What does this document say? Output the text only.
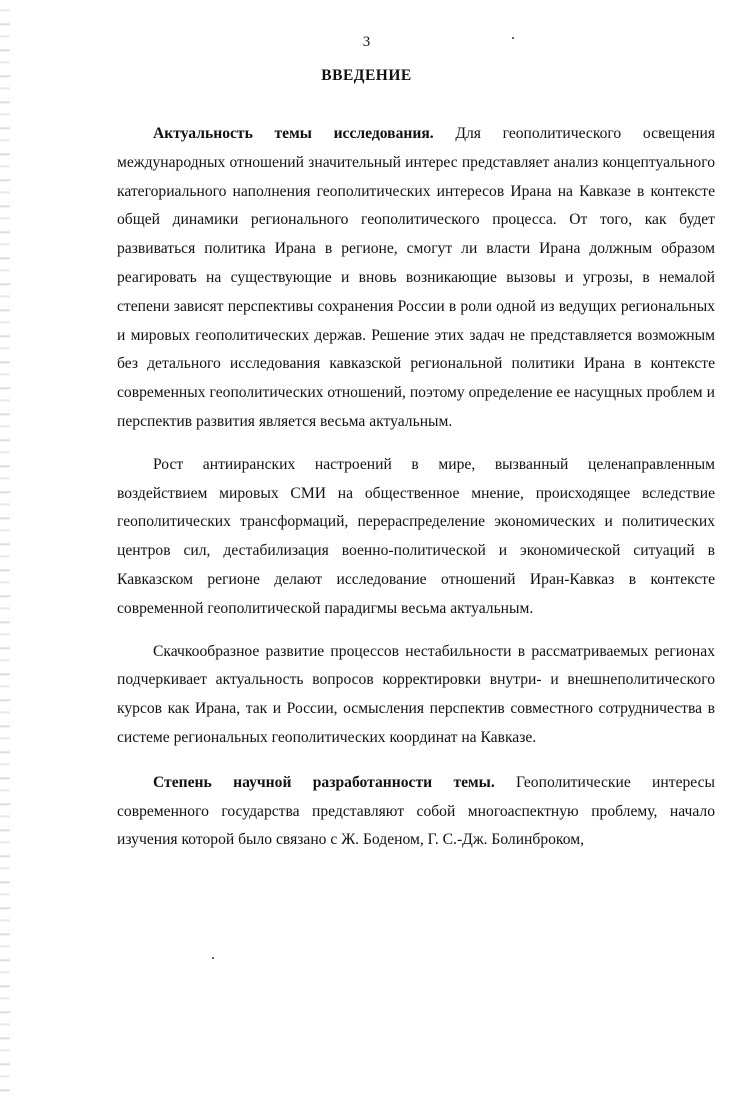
3
ВВЕДЕНИЕ

Актуальность темы исследования. Для геополитического освещения международных отношений значительный интерес представляет анализ концептуального категориального наполнения геополитических интересов Ирана на Кавказе в контексте общей динамики регионального геополитического процесса. От того, как будет развиваться политика Ирана в регионе, смогут ли власти Ирана должным образом реагировать на существующие и вновь возникающие вызовы и угрозы, в немалой степени зависят перспективы сохранения России в роли одной из ведущих региональных и мировых геополитических держав. Решение этих задач не представляется возможным без детального исследования кавказской региональной политики Ирана в контексте современных геополитических отношений, поэтому определение ее насущных проблем и перспектив развития является весьма актуальным.

Рост антииранских настроений в мире, вызванный целенаправленным воздействием мировых СМИ на общественное мнение, происходящее вследствие геополитических трансформаций, перераспределение экономических и политических центров сил, дестабилизация военно-политической и экономической ситуаций в Кавказском регионе делают исследование отношений Иран-Кавказ в контексте современной геополитической парадигмы весьма актуальным.

Скачкообразное развитие процессов нестабильности в рассматриваемых регионах подчеркивает актуальность вопросов корректировки внутри- и внешнеполитического курсов как Ирана, так и России, осмысления перспектив совместного сотрудничества в системе региональных геополитических координат на Кавказе.

Степень научной разработанности темы. Геополитические интересы современного государства представляют собой многоаспектную проблему, начало изучения которой было связано с Ж. Боденом, Г. С.-Дж. Болинброком,
